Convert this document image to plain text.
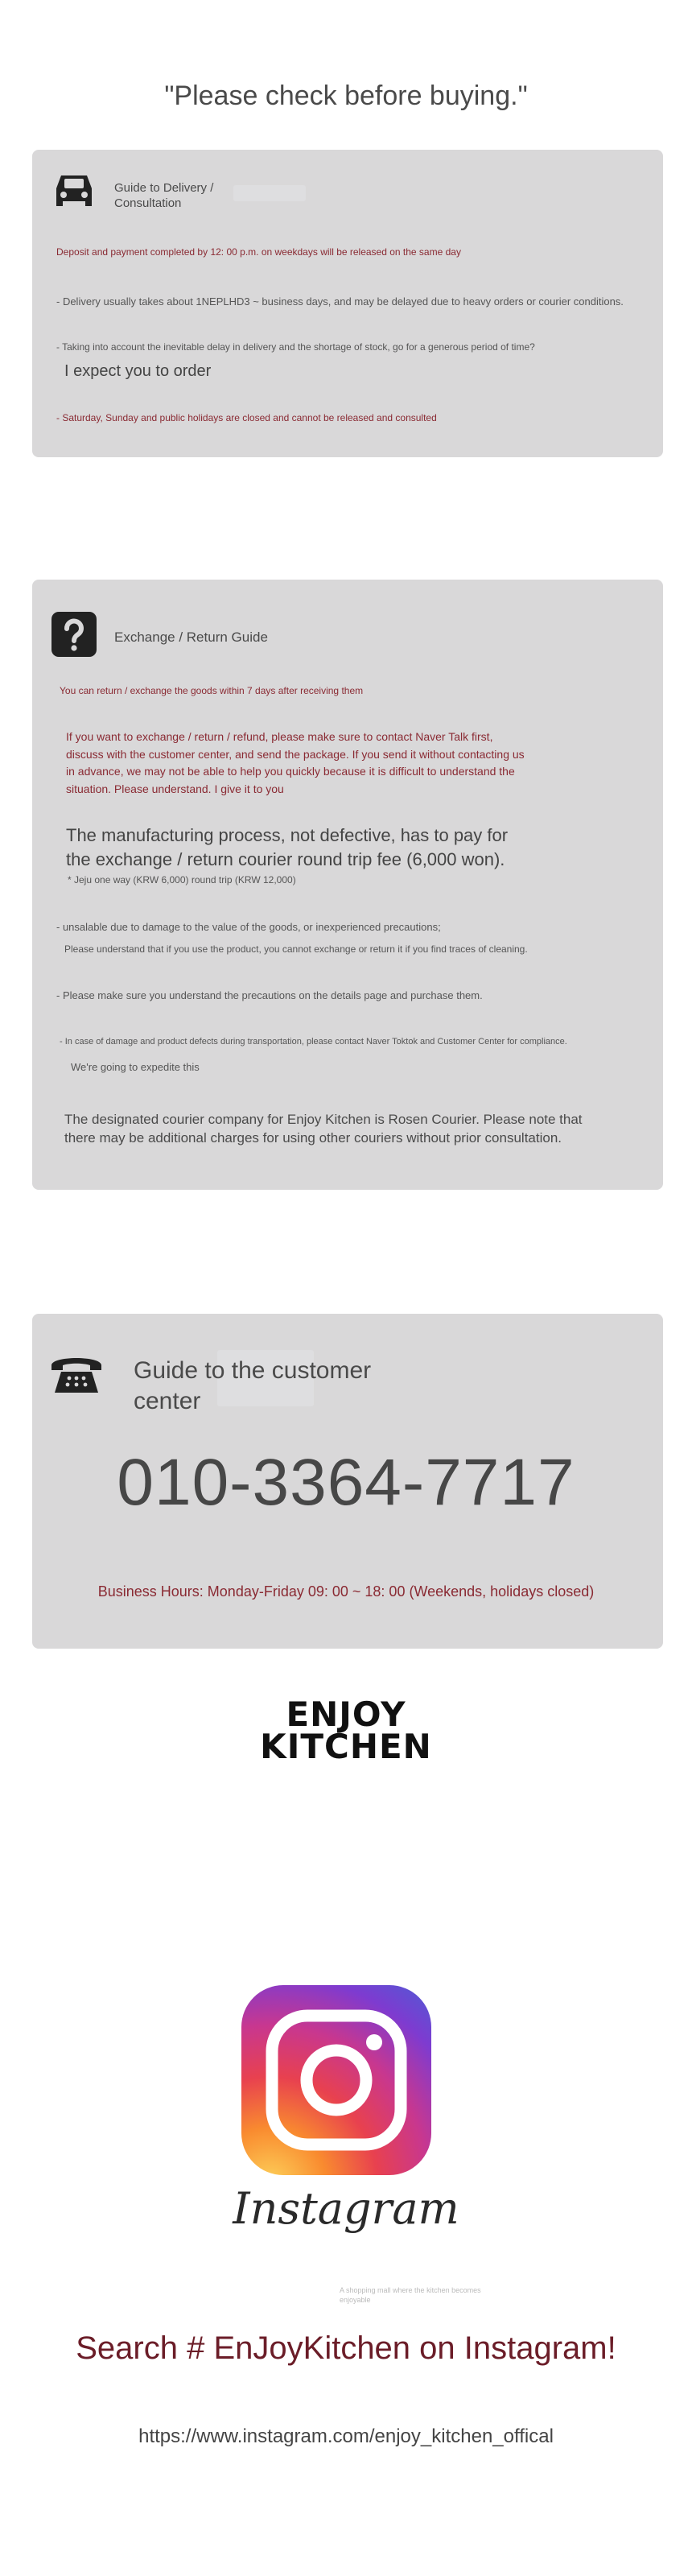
"Please check before buying."
Guide to Delivery /
Consultation
Deposit and payment completed by 12: 00 p.m. on weekdays will be released on the same day
- Delivery usually takes about 1NEPLHD3 ~ business days, and may be delayed due to heavy orders or courier conditions.
- Taking into account the inevitable delay in delivery and the shortage of stock, go for a generous period of time?
I expect you to order
- Saturday, Sunday and public holidays are closed and cannot be released and consulted
Exchange / Return Guide
You can return / exchange the goods within 7 days after receiving them
If you want to exchange / return / refund, please make sure to contact Naver Talk first,
discuss with the customer center, and send the package. If you send it without contacting us
in advance, we may not be able to help you quickly because it is difficult to understand the
situation. Please understand. I give it to you
The manufacturing process, not defective, has to pay for
the exchange / return courier round trip fee (6,000 won).
* Jeju one way (KRW 6,000) round trip (KRW 12,000)
- unsalable due to damage to the value of the goods, or inexperienced precautions;
Please understand that if you use the product, you cannot exchange or return it if you find traces of cleaning.
- Please make sure you understand the precautions on the details page and purchase them.
- In case of damage and product defects during transportation, please contact Naver Toktok and Customer Center for compliance.
We're going to expedite this
The designated courier company for Enjoy Kitchen is Rosen Courier. Please note that
there may be additional charges for using other couriers without prior consultation.
Guide to the customer
center
010-3364-7717
Business Hours: Monday-Friday 09: 00 ~ 18: 00 (Weekends, holidays closed)
ENJOY
KITCHEN
Instagram
A shopping mall where the kitchen becomes
enjoyable
Search # EnJoyKitchen on Instagram!
https://www.instagram.com/enjoy_kitchen_offical
